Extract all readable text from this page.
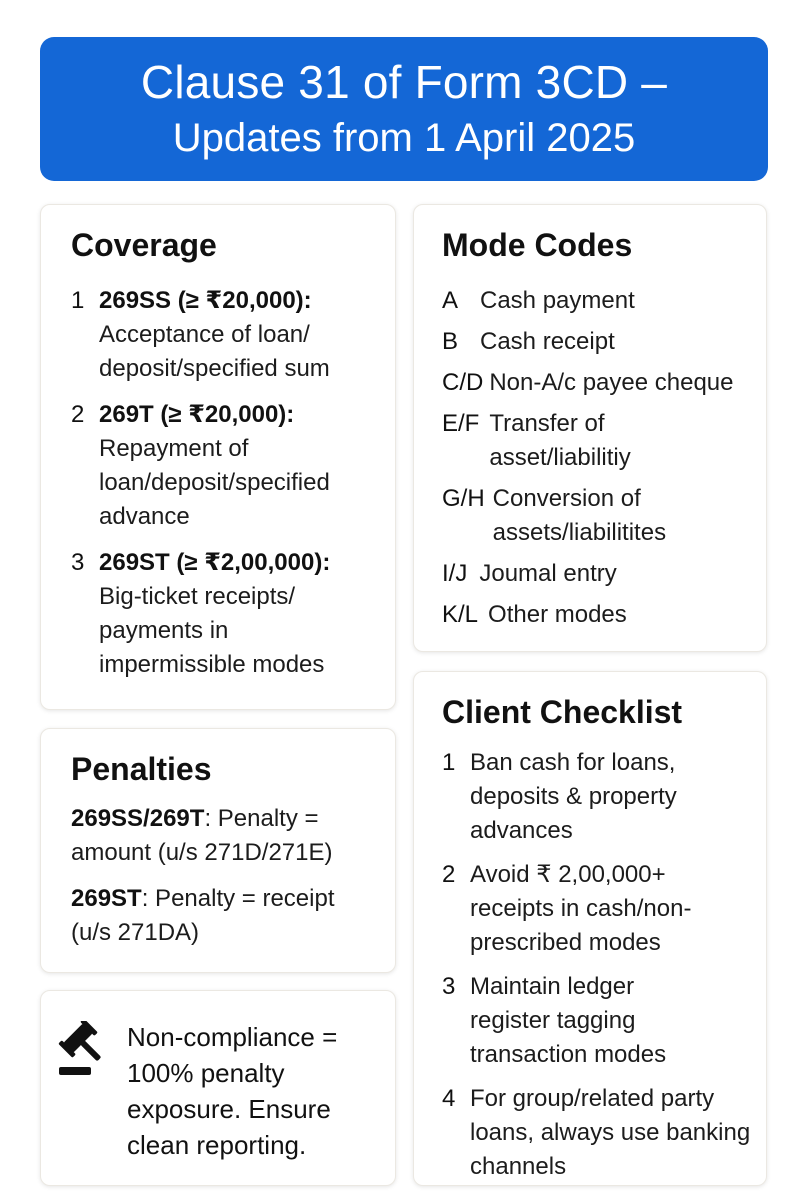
Clause 31 of Form 3CD –
Updates from 1 April 2025
Coverage
1 269SS (≥ ₹20,000):
Acceptance of loan/ deposit/specified sum
2 269T (≥ ₹20,000):
Repayment of loan/deposit/specified advance
3 269ST (≥ ₹2,00,000):
Big-ticket receipts/ payments in impermissible modes
Mode Codes
A Cash payment
B Cash receipt
C/D Non-A/c payee cheque
E/F Transfer of asset/liabilitiy
G/H Conversion of assets/liabilitites
I/J Joumal entry
K/L Other modes
Penalties

269SS/269T: Penalty = amount (u/s 271D/271E)

269ST: Penalty = receipt (u/s 271DA)

Non-compliance = 100% penalty exposure. Ensure clean reporting.

Client Checklist
1 Ban cash for loans, deposits & property advances
2 Avoid ₹ 2,00,000+ receipts in cash/non-prescribed modes
3 Maintain ledger register tagging transaction modes
4 For group/related party loans, always use banking channels
